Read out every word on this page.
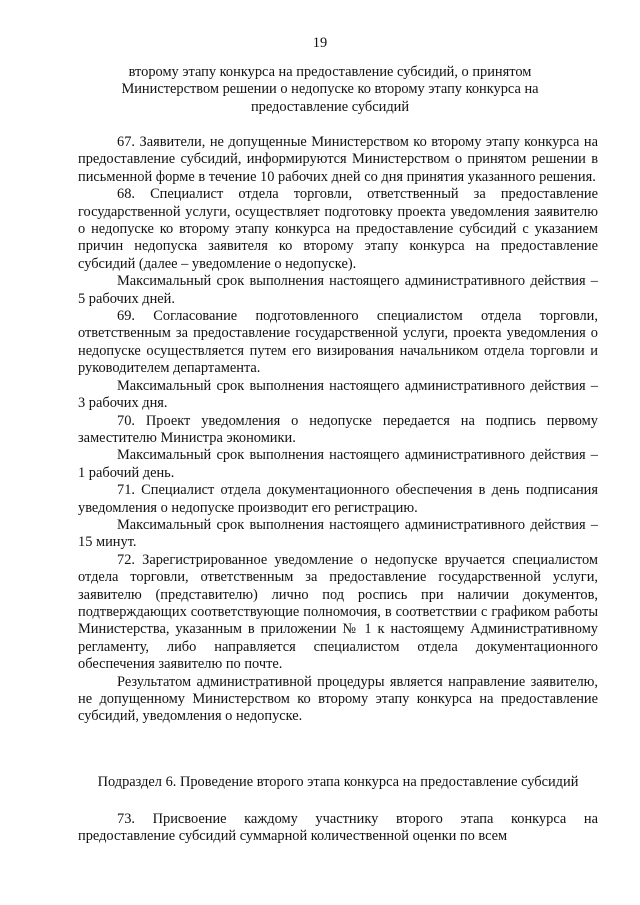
19
второму этапу конкурса на предоставление субсидий, о принятом Министерством решении о недопуске ко второму этапу конкурса на предоставление субсидий

67. Заявители, не допущенные Министерством ко второму этапу конкурса на предоставление субсидий, информируются Министерством о принятом решении в письменной форме в течение 10 рабочих дней со дня принятия указанного решения.

68. Специалист отдела торговли, ответственный за предоставление государственной услуги, осуществляет подготовку проекта уведомления заявителю о недопуске ко второму этапу конкурса на предоставление субсидий с указанием причин недопуска заявителя ко второму этапу конкурса на предоставление субсидий (далее – уведомление о недопуске).

Максимальный срок выполнения настоящего административного действия – 5 рабочих дней.

69. Согласование подготовленного специалистом отдела торговли, ответственным за предоставление государственной услуги, проекта уведомления о недопуске осуществляется путем его визирования начальником отдела торговли и руководителем департамента.

Максимальный срок выполнения настоящего административного действия – 3 рабочих дня.

70. Проект уведомления о недопуске передается на подпись первому заместителю Министра экономики.

Максимальный срок выполнения настоящего административного действия – 1 рабочий день.

71. Специалист отдела документационного обеспечения в день подписания уведомления о недопуске производит его регистрацию.

Максимальный срок выполнения настоящего административного действия – 15 минут.

72. Зарегистрированное уведомление о недопуске вручается специалистом отдела торговли, ответственным за предоставление государственной услуги, заявителю (представителю) лично под роспись при наличии документов, подтверждающих соответствующие полномочия, в соответствии с графиком работы Министерства, указанным в приложении № 1 к настоящему Административному регламенту, либо направляется специалистом отдела документационного обеспечения заявителю по почте.

Результатом административной процедуры является направление заявителю, не допущенному Министерством ко второму этапу конкурса на предоставление субсидий, уведомления о недопуске.

Подраздел 6. Проведение второго этапа конкурса на предоставление субсидий

73. Присвоение каждому участнику второго этапа конкурса на предоставление субсидий суммарной количественной оценки по всем
